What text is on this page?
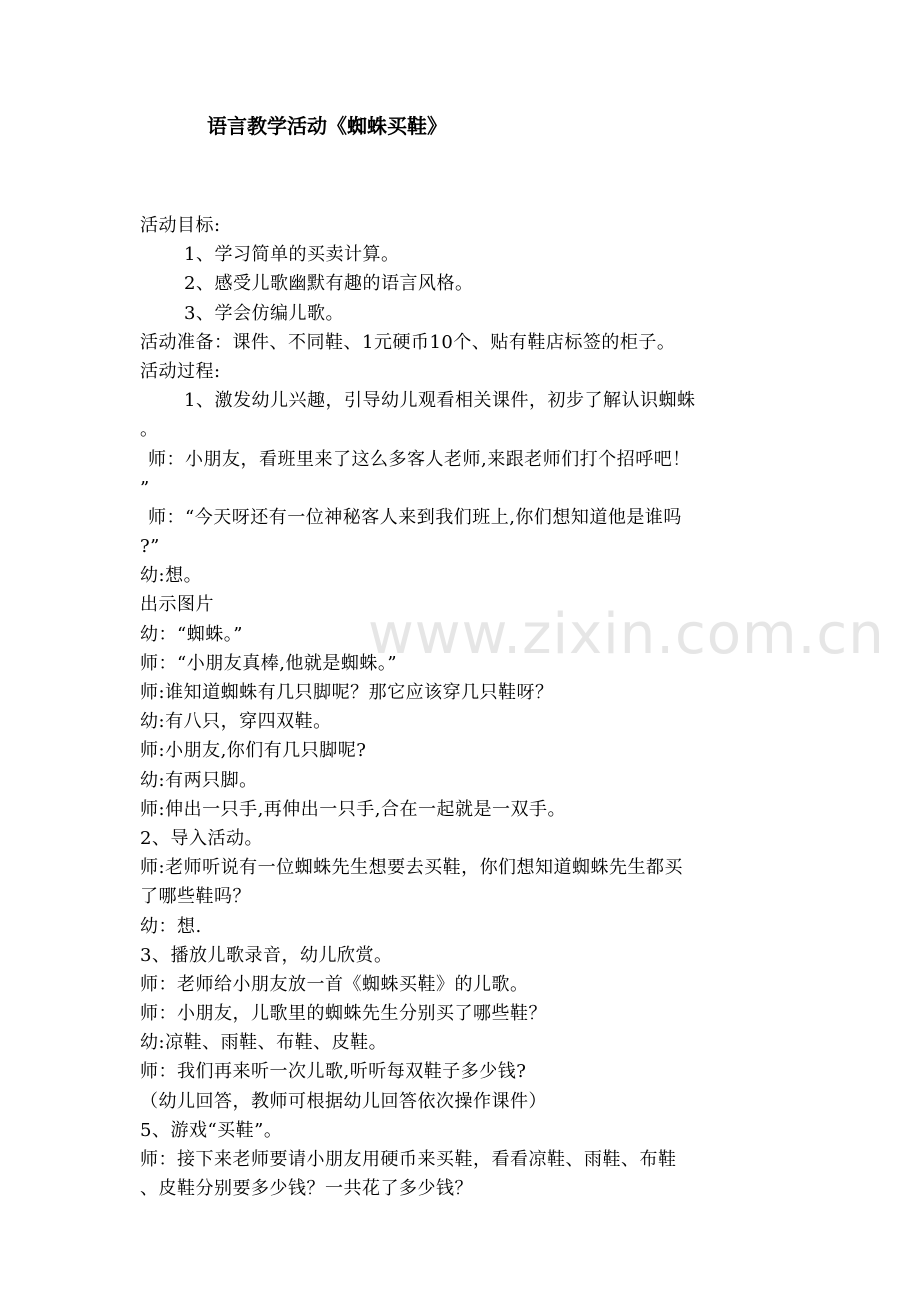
www.zixin.com.cn
语言教学活动《蜘蛛买鞋》
活动目标:
1、学习简单的买卖计算。
2、感受儿歌幽默有趣的语言风格。
3、学会仿编儿歌。
活动准备：课件、不同鞋、1元硬币10个、贴有鞋店标签的柜子。
活动过程:
1、激发幼儿兴趣，引导幼儿观看相关课件，初步了解认识蜘蛛
。
师：小朋友，看班里来了这么多客人老师,来跟老师们打个招呼吧！
”
师：“今天呀还有一位神秘客人来到我们班上,你们想知道他是谁吗
?”
幼:想。
出示图片
幼：“蜘蛛。”
师：“小朋友真棒,他就是蜘蛛。”
师:谁知道蜘蛛有几只脚呢？那它应该穿几只鞋呀？
幼:有八只，穿四双鞋。
师:小朋友,你们有几只脚呢?
幼:有两只脚。
师:伸出一只手,再伸出一只手,合在一起就是一双手。
2、导入活动。
师:老师听说有一位蜘蛛先生想要去买鞋，你们想知道蜘蛛先生都买
了哪些鞋吗？
幼：想.
3、播放儿歌录音，幼儿欣赏。
师：老师给小朋友放一首《蜘蛛买鞋》的儿歌。
师：小朋友，儿歌里的蜘蛛先生分别买了哪些鞋？
幼:凉鞋、雨鞋、布鞋、皮鞋。
师：我们再来听一次儿歌,听听每双鞋子多少钱?
（幼儿回答，教师可根据幼儿回答依次操作课件）
5、游戏“买鞋”。
师：接下来老师要请小朋友用硬币来买鞋，看看凉鞋、雨鞋、布鞋
、皮鞋分别要多少钱？一共花了多少钱？
